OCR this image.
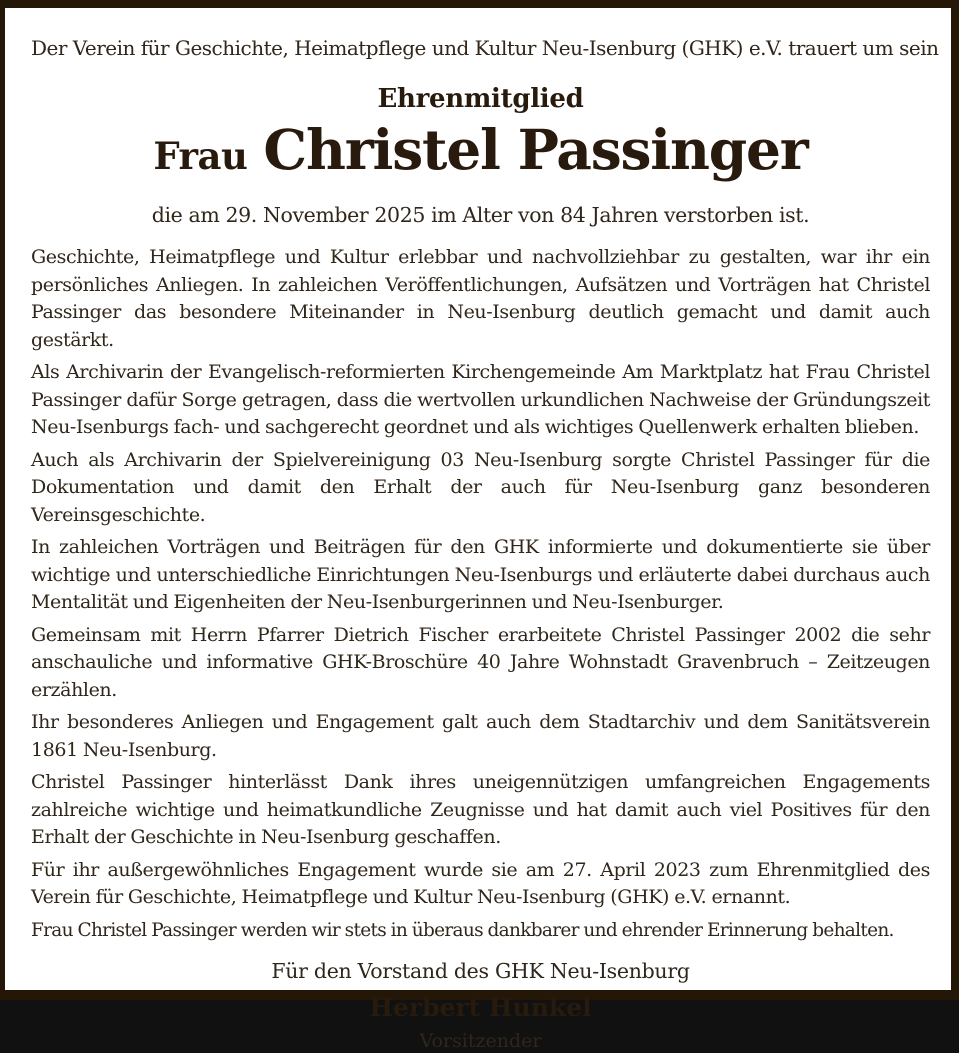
Der Verein für Geschichte, Heimatpflege und Kultur Neu-Isenburg (GHK) e.V. trauert um sein

Ehrenmitglied

Frau Christel Passinger

die am 29. November 2025 im Alter von 84 Jahren verstorben ist.

Geschichte, Heimatpflege und Kultur erlebbar und nachvollziehbar zu gestalten, war ihr ein persönliches Anliegen. In zahleichen Veröffentlichungen, Aufsätzen und Vorträgen hat Christel Passinger das besondere Miteinander in Neu-Isenburg deutlich gemacht und damit auch gestärkt.

Als Archivarin der Evangelisch-reformierten Kirchengemeinde Am Marktplatz hat Frau Christel Passinger dafür Sorge getragen, dass die wertvollen urkundlichen Nachweise der Gründungszeit Neu-Isenburgs fach- und sachgerecht geordnet und als wichtiges Quellenwerk erhalten blieben.

Auch als Archivarin der Spielvereinigung 03 Neu-Isenburg sorgte Christel Passinger für die Dokumentation und damit den Erhalt der auch für Neu-Isenburg ganz besonderen Vereinsgeschichte.

In zahleichen Vorträgen und Beiträgen für den GHK informierte und dokumentierte sie über wichtige und unterschiedliche Einrichtungen Neu-Isenburgs und erläuterte dabei durchaus auch Mentalität und Eigenheiten der Neu-Isenburgerinnen und Neu-Isenburger.

Gemeinsam mit Herrn Pfarrer Dietrich Fischer erarbeitete Christel Passinger 2002 die sehr anschauliche und informative GHK-Broschüre 40 Jahre Wohnstadt Gravenbruch – Zeitzeugen erzählen.

Ihr besonderes Anliegen und Engagement galt auch dem Stadtarchiv und dem Sanitätsverein 1861 Neu-Isenburg.

Christel Passinger hinterlässt Dank ihres uneigennützigen umfangreichen Engagements zahlreiche wichtige und heimatkundliche Zeugnisse und hat damit auch viel Positives für den Erhalt der Geschichte in Neu-Isenburg geschaffen.

Für ihr außergewöhnliches Engagement wurde sie am 27. April 2023 zum Ehrenmitglied des Verein für Geschichte, Heimatpflege und Kultur Neu-Isenburg (GHK) e.V. ernannt.

Frau Christel Passinger werden wir stets in überaus dankbarer und ehrender Erinnerung behalten.

Für den Vorstand des GHK Neu-Isenburg

Herbert Hunkel

Vorsitzender
